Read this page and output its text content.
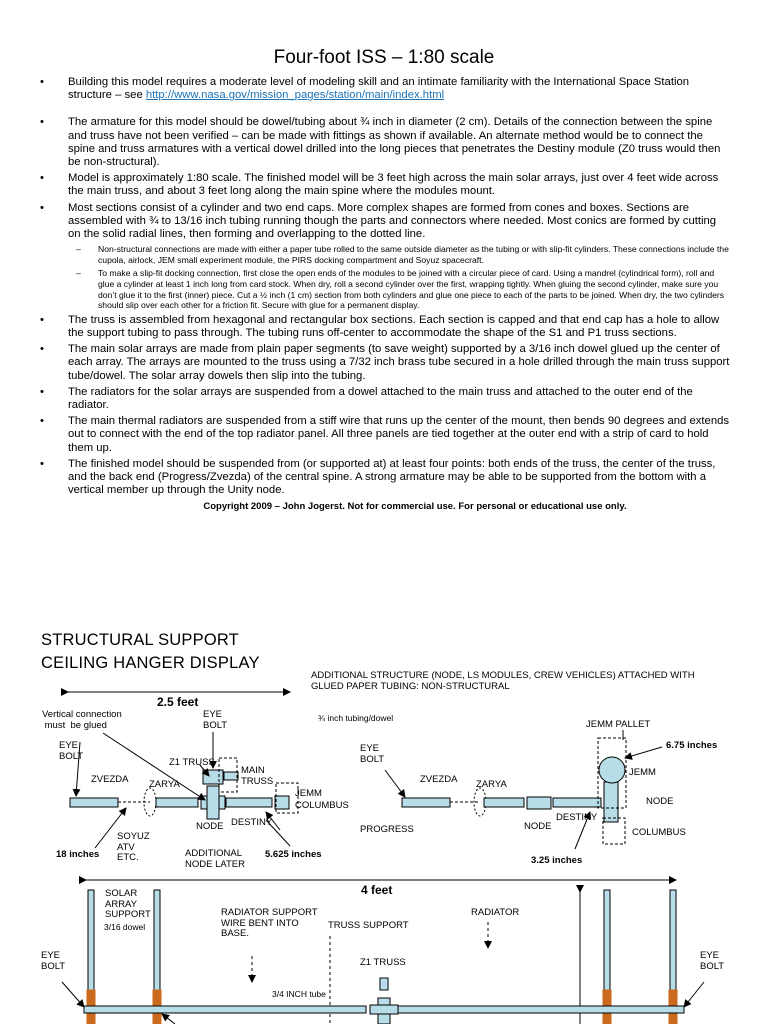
Four-foot ISS – 1:80 scale
• Building this model requires a moderate level of modeling skill and an intimate familiarity with the International Space Station structure – see http://www.nasa.gov/mission_pages/station/main/index.html
• The armature for this model should be dowel/tubing about ¾ inch in diameter (2 cm). Details of the connection between the spine and truss have not been verified – can be made with fittings as shown if available. An alternate method would be to connect the spine and truss armatures with a vertical dowel drilled into the long pieces that penetrates the Destiny module (Z0 truss would then be non-structural).
• Model is approximately 1:80 scale. The finished model will be 3 feet high across the main solar arrays, just over 4 feet wide across the main truss, and about 3 feet long along the main spine where the modules mount.
• Most sections consist of a cylinder and two end caps. More complex shapes are formed from cones and boxes. Sections are assembled with ¾ to 13/16 inch tubing running though the parts and connectors where needed. Most conics are formed by cutting on the solid radial lines, then forming and overlapping to the dotted line.
– Non-structural connections are made with either a paper tube rolled to the same outside diameter as the tubing or with slip-fit cylinders. These connections include the cupola, airlock, JEM small experiment module, the PIRS docking compartment and Soyuz spacecraft.
– To make a slip-fit docking connection, first close the open ends of the modules to be joined with a circular piece of card. Using a mandrel (cylindrical form), roll and glue a cylinder at least 1 inch long from card stock. When dry, roll a second cylinder over the first, wrapping tightly. When gluing the second cylinder, make sure you don’t glue it to the first (inner) piece. Cut a ½ inch (1 cm) section from both cylinders and glue one piece to each of the parts to be joined. When dry, the two cylinders should slip over each other for a friction fit. Secure with glue for a permanent display.
• The truss is assembled from hexagonal and rectangular box sections. Each section is capped and that end cap has a hole to allow the support tubing to pass through. The tubing runs off-center to accommodate the shape of the S1 and P1 truss sections.
• The main solar arrays are made from plain paper segments (to save weight) supported by a 3/16 inch dowel glued up the center of each array. The arrays are mounted to the truss using a 7/32 inch brass tube secured in a hole drilled through the main truss support tube/dowel. The solar array dowels then slip into the tubing.
• The radiators for the solar arrays are suspended from a dowel attached to the main truss and attached to the outer end of the radiator.
• The main thermal radiators are suspended from a stiff wire that runs up the center of the mount, then bends 90 degrees and extends out to connect with the end of the top radiator panel. All three panels are tied together at the outer end with a strip of card to hold them up.
• The finished model should be suspended from (or supported at) at least four points: both ends of the truss, the center of the truss, and the back end (Progress/Zvezda) of the central spine. A strong armature may be able to be supported from the bottom with a vertical member up through the Unity node.
Copyright 2009 – John Jogerst. Not for commercial use. For personal or educational use only.
STRUCTURAL SUPPORT
CEILING HANGER DISPLAY
ADDITIONAL STRUCTURE (NODE, LS MODULES, CREW VEHICLES) ATTACHED WITH
GLUED PAPER TUBING: NON-STRUCTURAL
2.5 feet
Vertical connection
must  be glued
EYE
BOLT
EYE
BOLT
Z1 TRUSS
MAIN
TRUSS
ZVEZDA ZARYA
JEMM
COLUMBUS
NODE DESTINY
SOYUZ
ATV
ETC.	ADDITIONAL
NODE LATER
18 inches	5.625 inches
¾ inch tubing/dowel
JEMM PALLET
6.75 inches
EYE
BOLT
ZVEZDA ZARYA
JEMM
NODE
PROGRESS	NODE
DESTINY
COLUMBUS
3.25 inches
4 feet
SOLAR
ARRAY
SUPPORT
3/16 dowel
RADIATOR SUPPORT
WIRE BENT INTO
BASE.
TRUSS SUPPORT
RADIATOR
EYE
BOLT
EYE
BOLT
Z1 TRUSS
3/4 INCH tube
